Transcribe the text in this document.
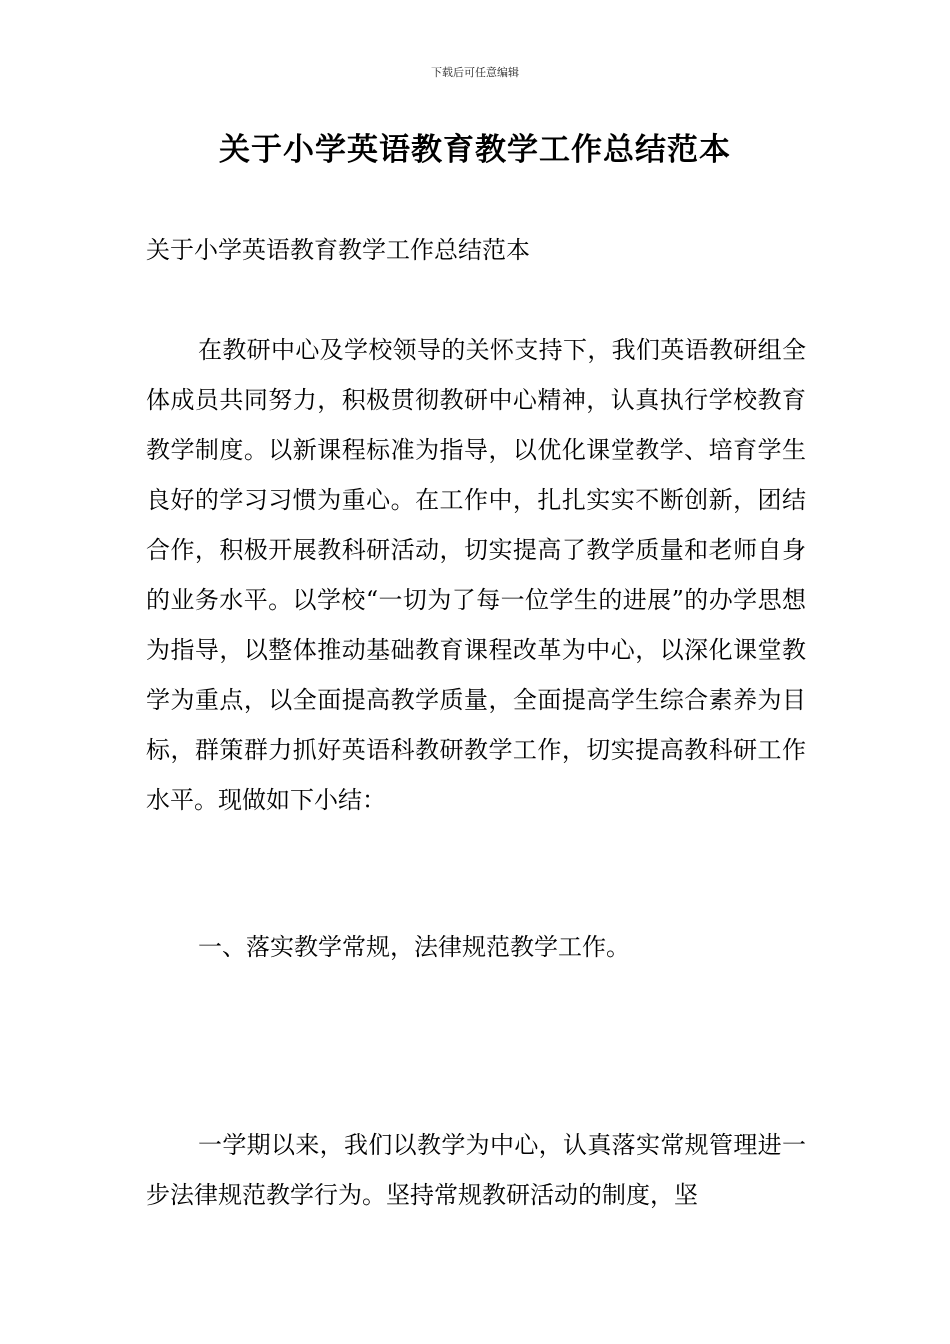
下载后可任意编辑
关于小学英语教育教学工作总结范本
关于小学英语教育教学工作总结范本

在教研中心及学校领导的关怀支持下，我们英语教研组全体成员共同努力，积极贯彻教研中心精神，认真执行学校教育教学制度。以新课程标准为指导，以优化课堂教学、培育学生良好的学习习惯为重心。在工作中，扎扎实实不断创新，团结合作，积极开展教科研活动，切实提高了教学质量和老师自身的业务水平。以学校“一切为了每一位学生的进展”的办学思想为指导，以整体推动基础教育课程改革为中心，以深化课堂教学为重点，以全面提高教学质量，全面提高学生综合素养为目标，群策群力抓好英语科教研教学工作，切实提高教科研工作水平。现做如下小结：

一、落实教学常规，法律规范教学工作。

一学期以来，我们以教学为中心，认真落实常规管理进一步法律规范教学行为。坚持常规教研活动的制度，坚
